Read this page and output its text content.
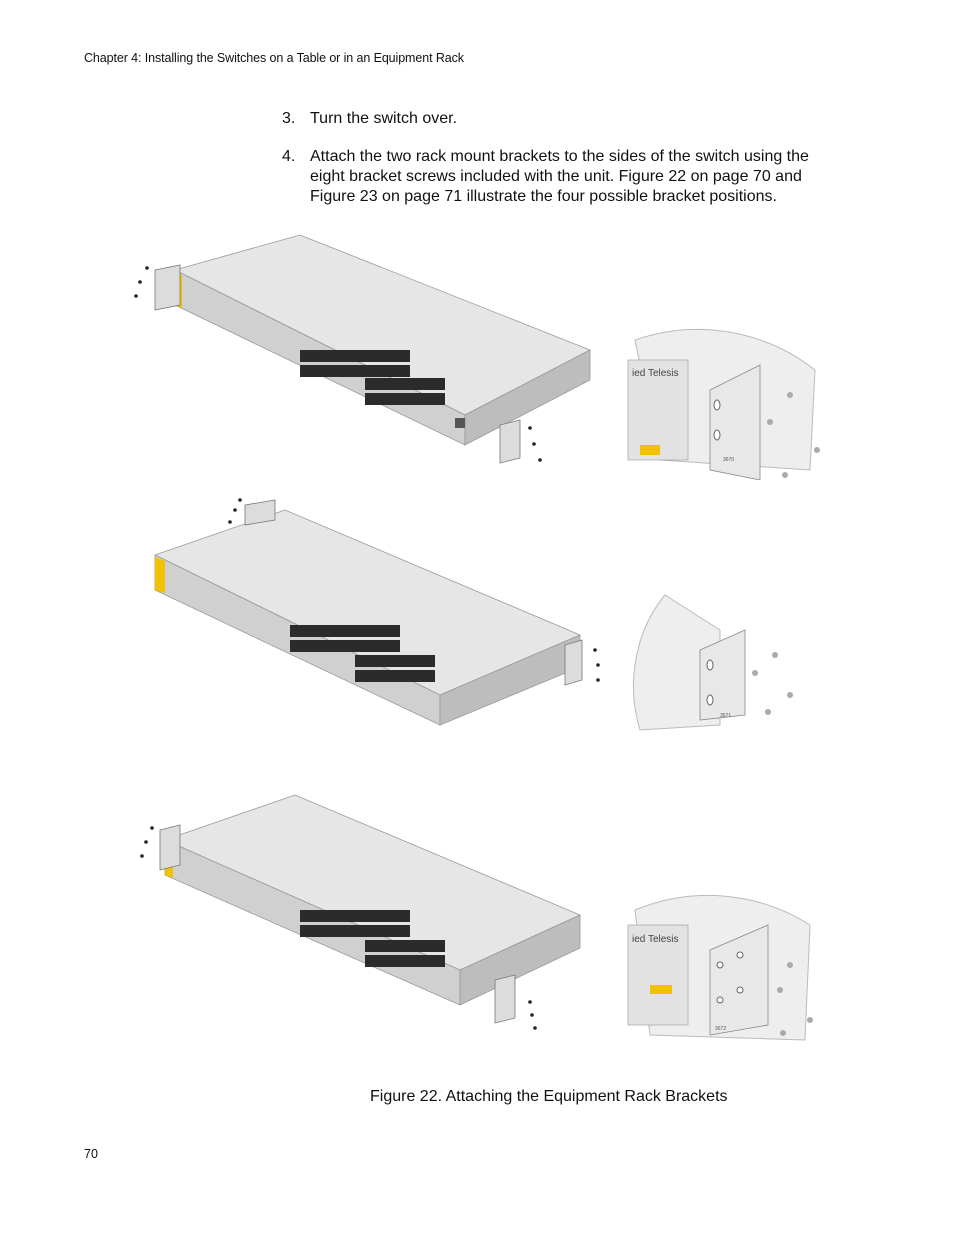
Chapter 4: Installing the Switches on a Table or in an Equipment Rack
3. Turn the switch over.
4. Attach the two rack mount brackets to the sides of the switch using the eight bracket screws included with the unit. Figure 22 on page 70 and Figure 23 on page 71 illustrate the four possible bracket positions.
ied Telesis
3670
3671
ied Telesis
3672
Figure 22. Attaching the Equipment Rack Brackets
70
